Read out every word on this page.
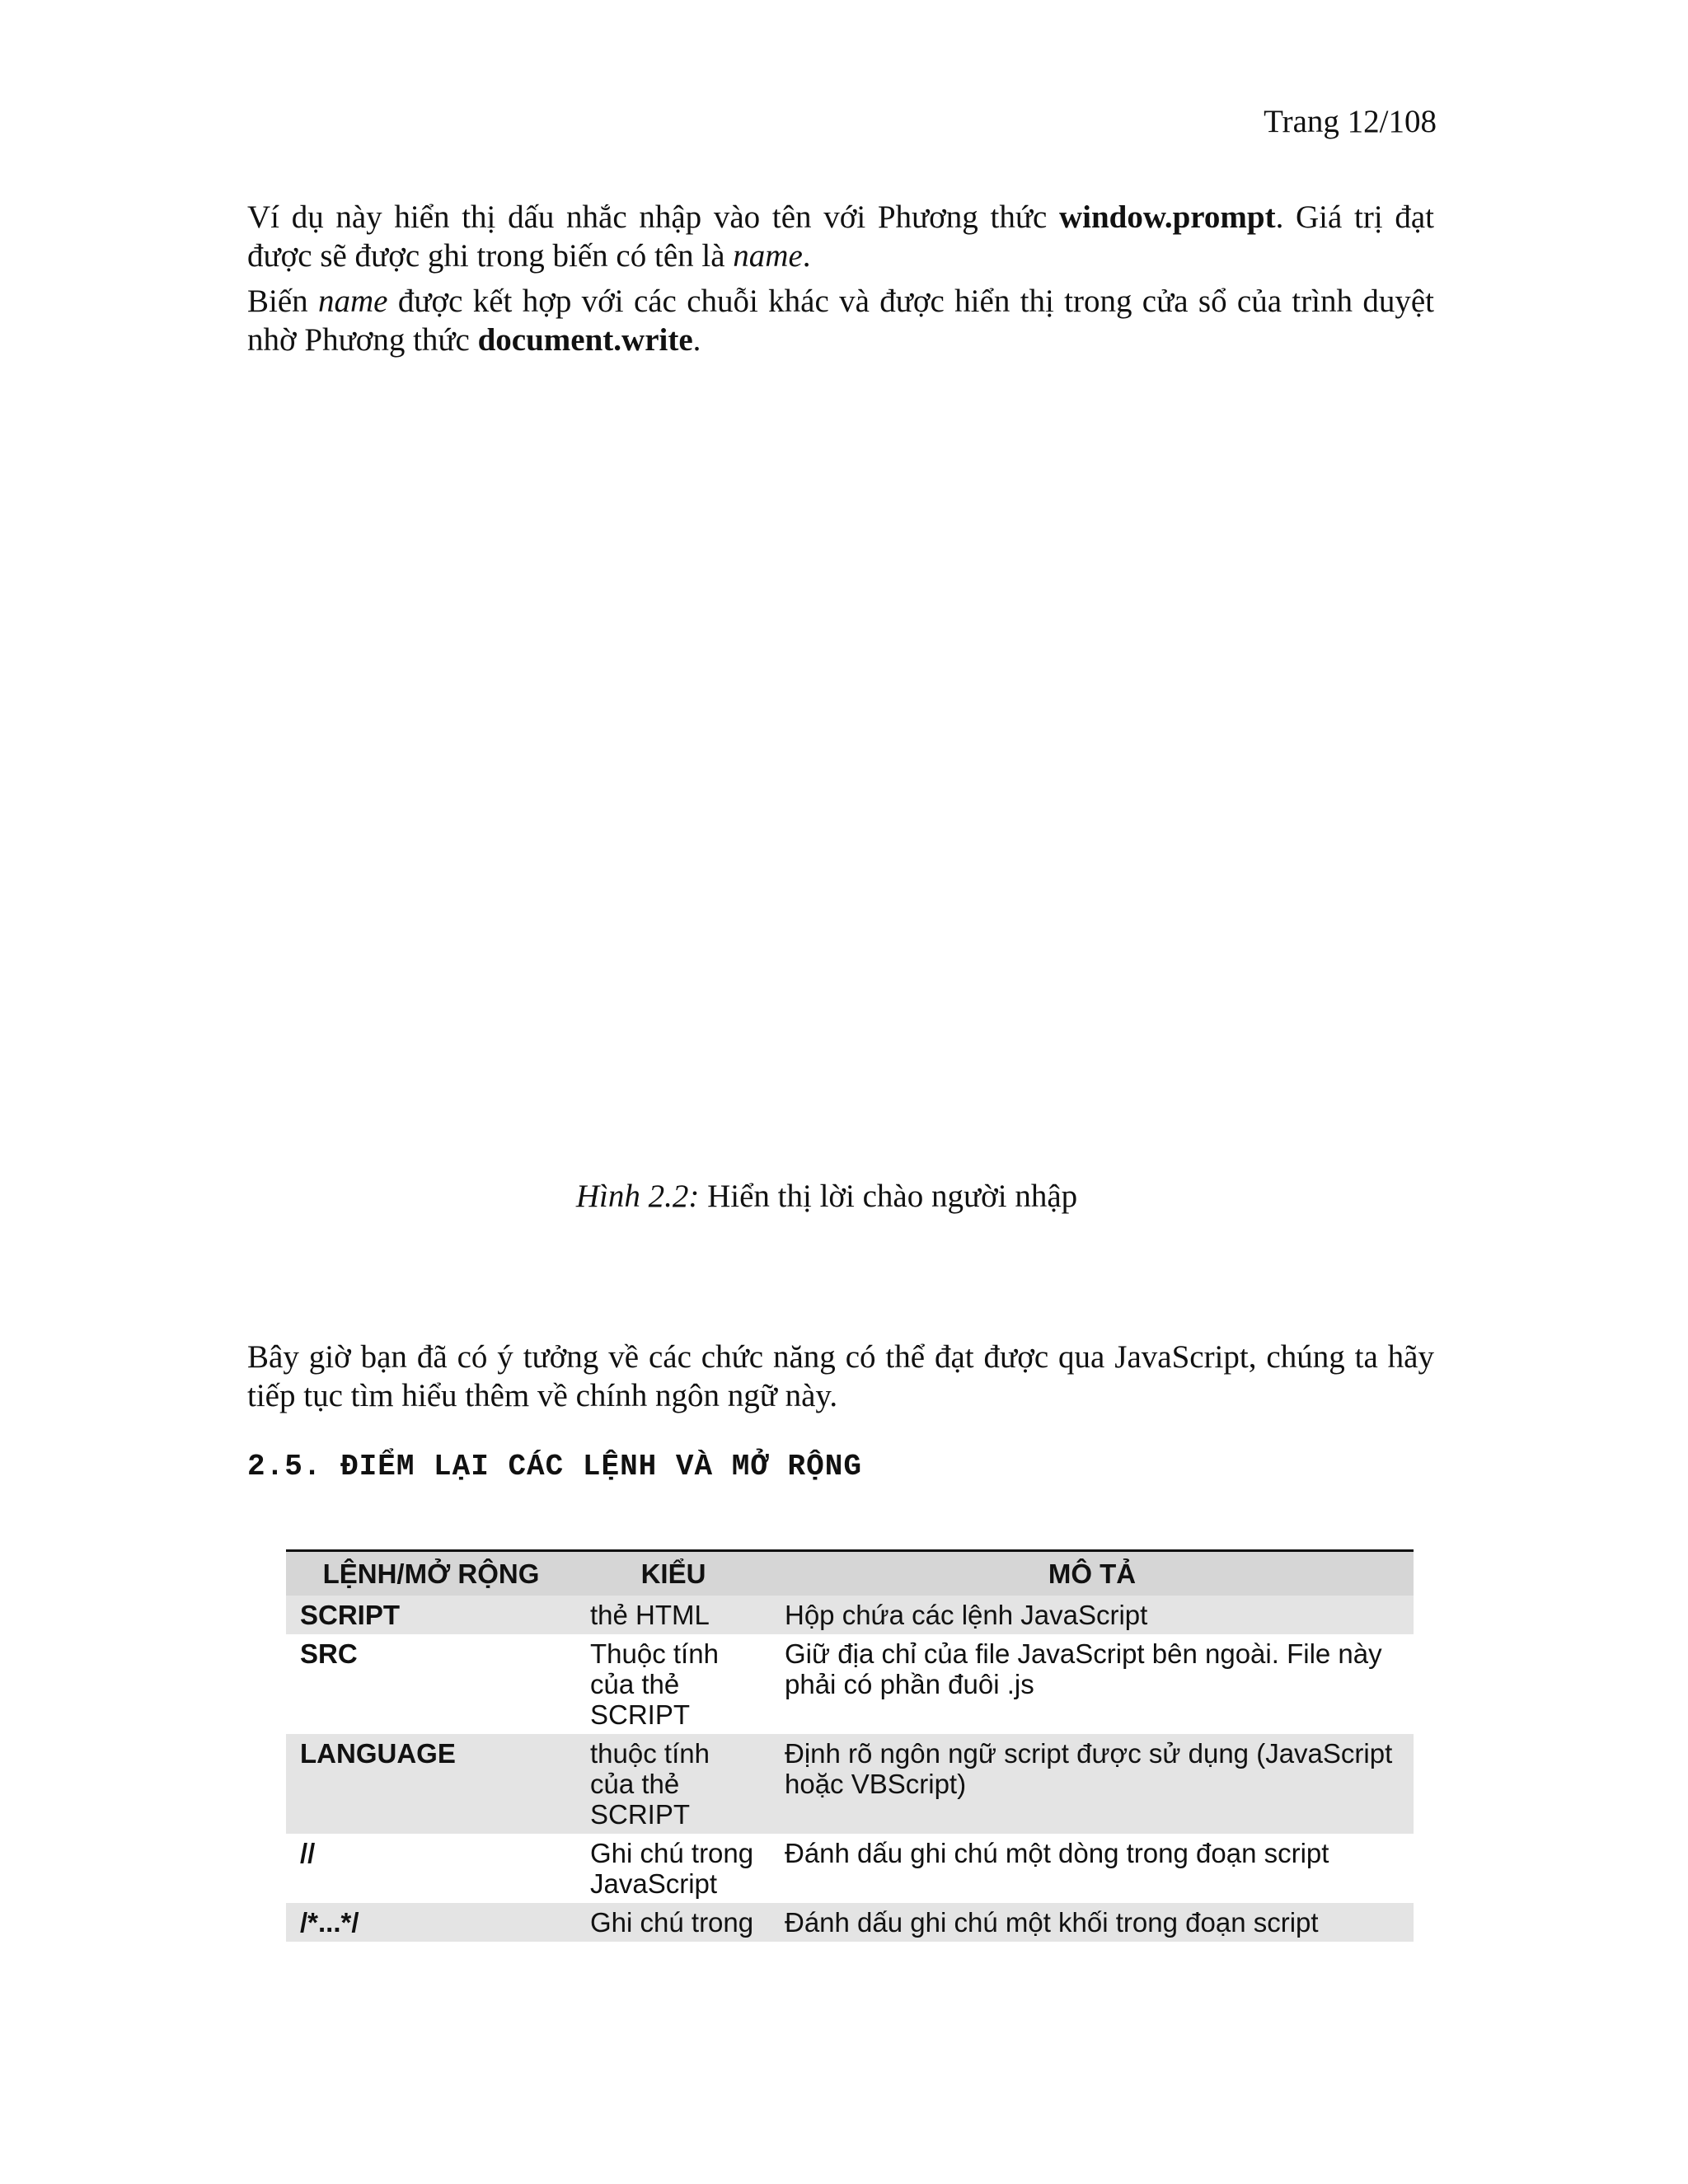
Trang 12/108

Ví dụ này hiển thị dấu nhắc nhập vào tên với Phương thức window.prompt. Giá trị đạt được sẽ được ghi trong biến có tên là name.

Biến name được kết hợp với các chuỗi khác và được hiển thị trong cửa sổ của trình duyệt nhờ Phương thức document.write.

Hình 2.2: Hiển thị lời chào người nhập

Bây giờ bạn đã có ý tưởng về các chức năng có thể đạt được qua JavaScript, chúng ta hãy tiếp tục tìm hiểu thêm về chính ngôn ngữ này.

2.5. ĐIỂM LẠI CÁC LỆNH VÀ MỞ RỘNG
LỆNH/MỞ RỘNG	KIỂU	MÔ TẢ
SCRIPT	thẻ HTML	Hộp chứa các lệnh JavaScript
SRC	Thuộc tính của thẻ SCRIPT	Giữ địa chỉ của file JavaScript bên ngoài. File này phải có phần đuôi .js
LANGUAGE	thuộc tính của thẻ SCRIPT	Định rõ ngôn ngữ script được sử dụng (JavaScript hoặc VBScript)
//	Ghi chú trong JavaScript	Đánh dấu ghi chú một dòng trong đoạn script
/*...*/	Ghi chú trong	Đánh dấu ghi chú một khối trong đoạn script
